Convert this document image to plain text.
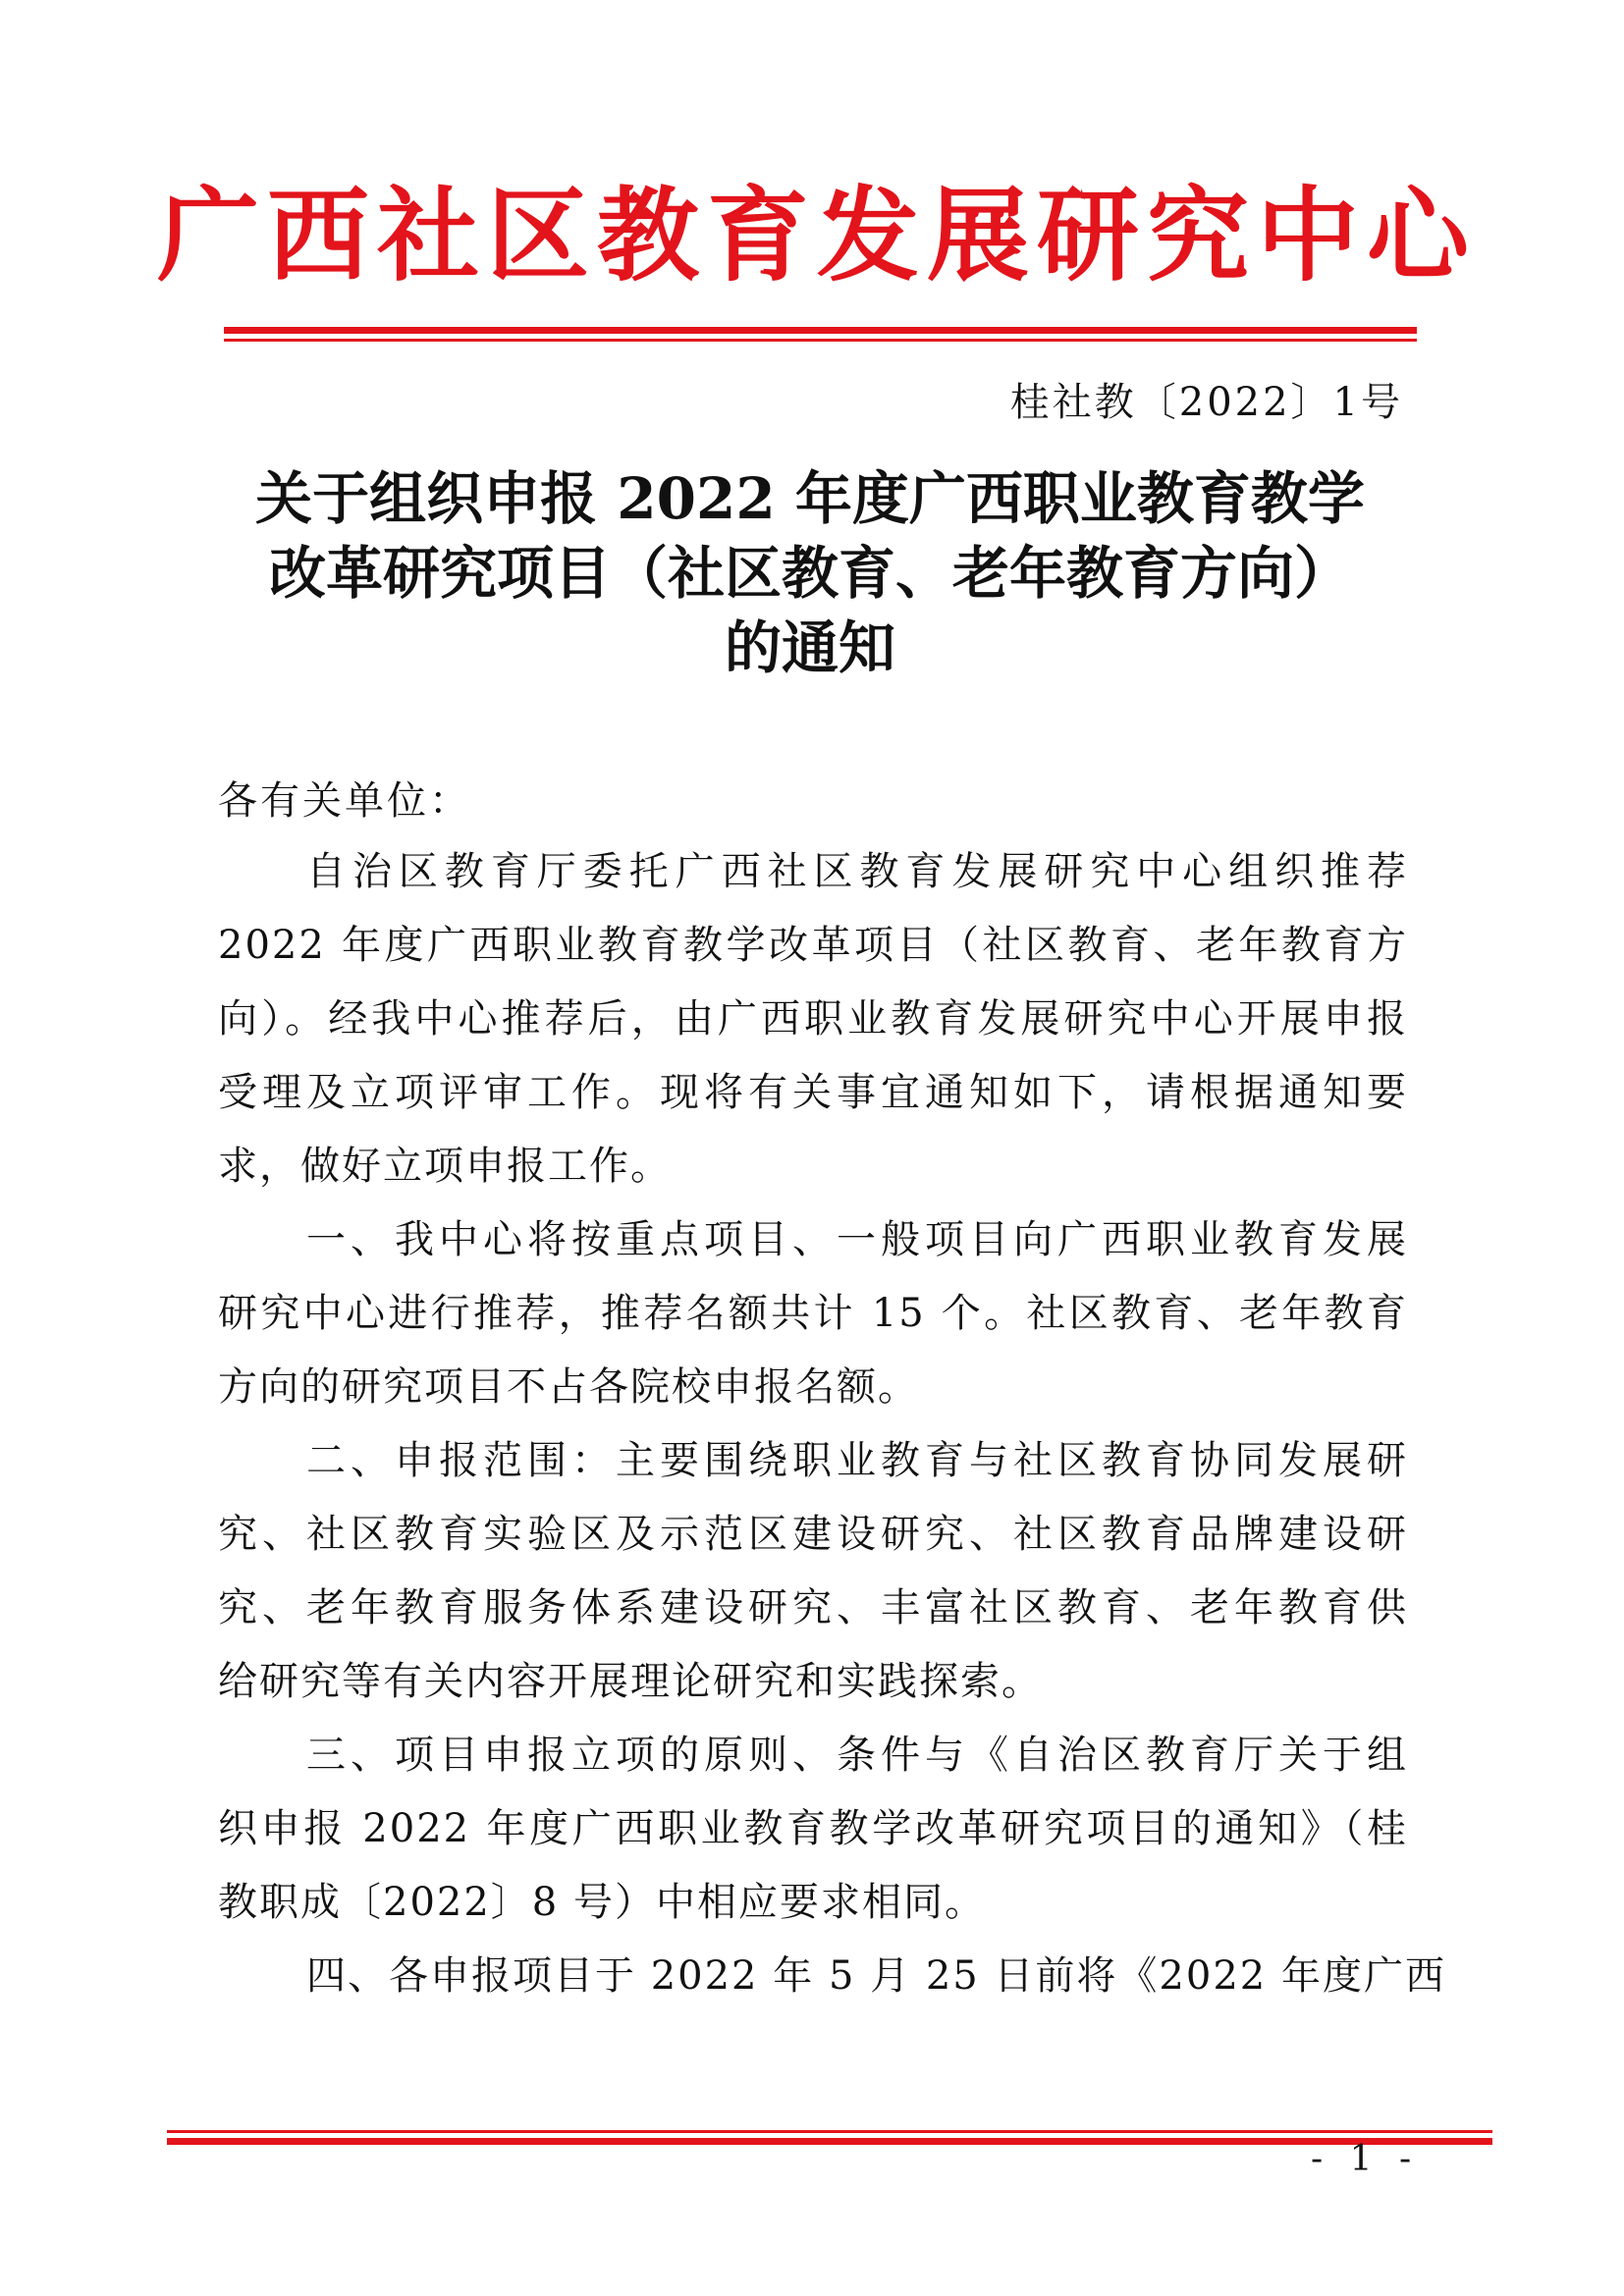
广西社区教育发展研究中心
桂社教〔2022〕1号
关于组织申报 2022 年度广西职业教育教学
改革研究项目（社区教育、老年教育方向）
的通知
各有关单位：
自治区教育厅委托广西社区教育发展研究中心组织推荐
2022 年度广西职业教育教学改革项目（社区教育、老年教育方
向）。经我中心推荐后，由广西职业教育发展研究中心开展申报
受理及立项评审工作。现将有关事宜通知如下，请根据通知要
求，做好立项申报工作。
一、我中心将按重点项目、一般项目向广西职业教育发展
研究中心进行推荐，推荐名额共计 15 个。社区教育、老年教育
方向的研究项目不占各院校申报名额。
二、申报范围：主要围绕职业教育与社区教育协同发展研
究、社区教育实验区及示范区建设研究、社区教育品牌建设研
究、老年教育服务体系建设研究、丰富社区教育、老年教育供
给研究等有关内容开展理论研究和实践探索。
三、项目申报立项的原则、条件与《自治区教育厅关于组
织申报 2022 年度广西职业教育教学改革研究项目的通知》（桂
教职成〔2022〕8 号）中相应要求相同。
四、各申报项目于 2022 年 5 月 25 日前将《2022 年度广西
- 1 -
